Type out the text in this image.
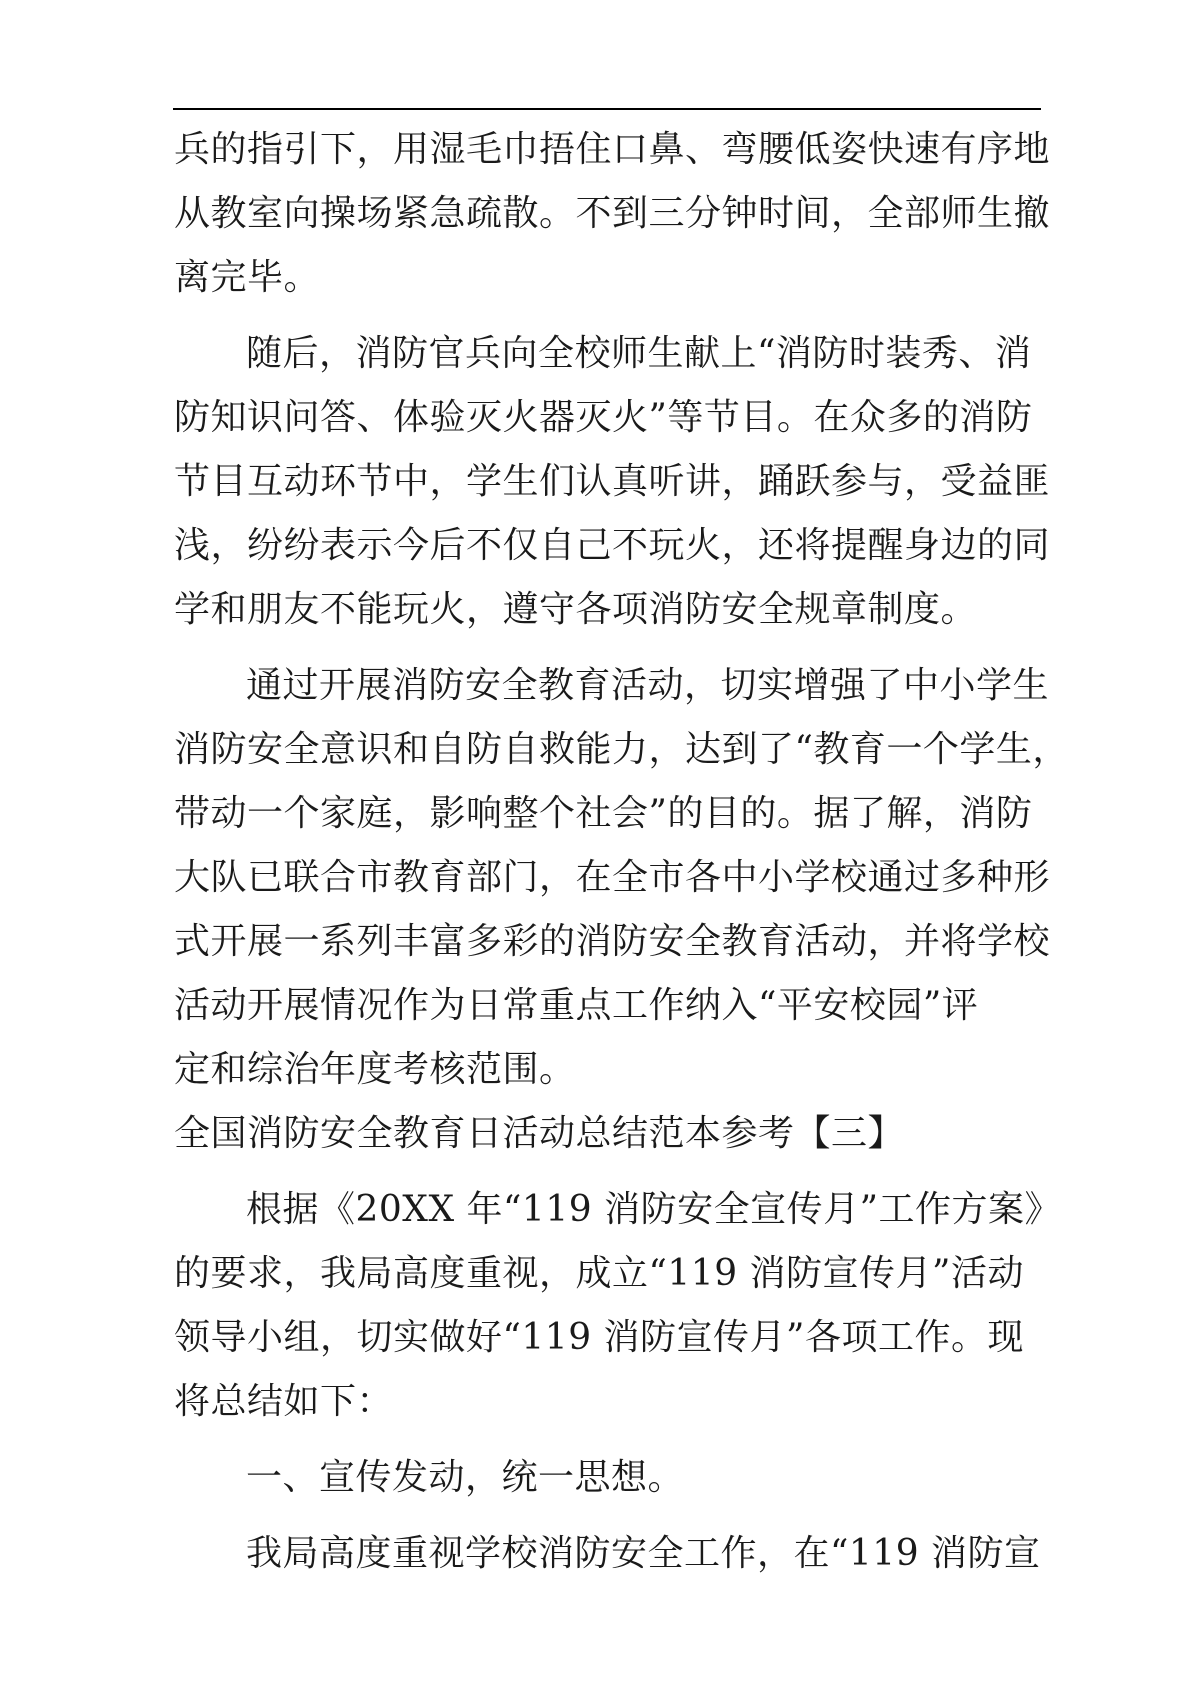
兵的指引下，用湿毛巾捂住口鼻、弯腰低姿快速有序地
从教室向操场紧急疏散。不到三分钟时间，全部师生撤
离完毕。
随后，消防官兵向全校师生献上“消防时装秀、消
防知识问答、体验灭火器灭火”等节目。在众多的消防
节目互动环节中，学生们认真听讲，踊跃参与，受益匪
浅，纷纷表示今后不仅自己不玩火，还将提醒身边的同
学和朋友不能玩火，遵守各项消防安全规章制度。
通过开展消防安全教育活动，切实增强了中小学生
消防安全意识和自防自救能力，达到了“教育一个学生，
带动一个家庭，影响整个社会”的目的。据了解，消防
大队已联合市教育部门，在全市各中小学校通过多种形
式开展一系列丰富多彩的消防安全教育活动，并将学校
活动开展情况作为日常重点工作纳入“平安校园”评
定和综治年度考核范围。
全国消防安全教育日活动总结范本参考【三】
根据《20XX 年“119 消防安全宣传月”工作方案》
的要求，我局高度重视，成立“119 消防宣传月”活动
领导小组，切实做好“119 消防宣传月”各项工作。现
将总结如下：
一、宣传发动，统一思想。
我局高度重视学校消防安全工作，在“119 消防宣
